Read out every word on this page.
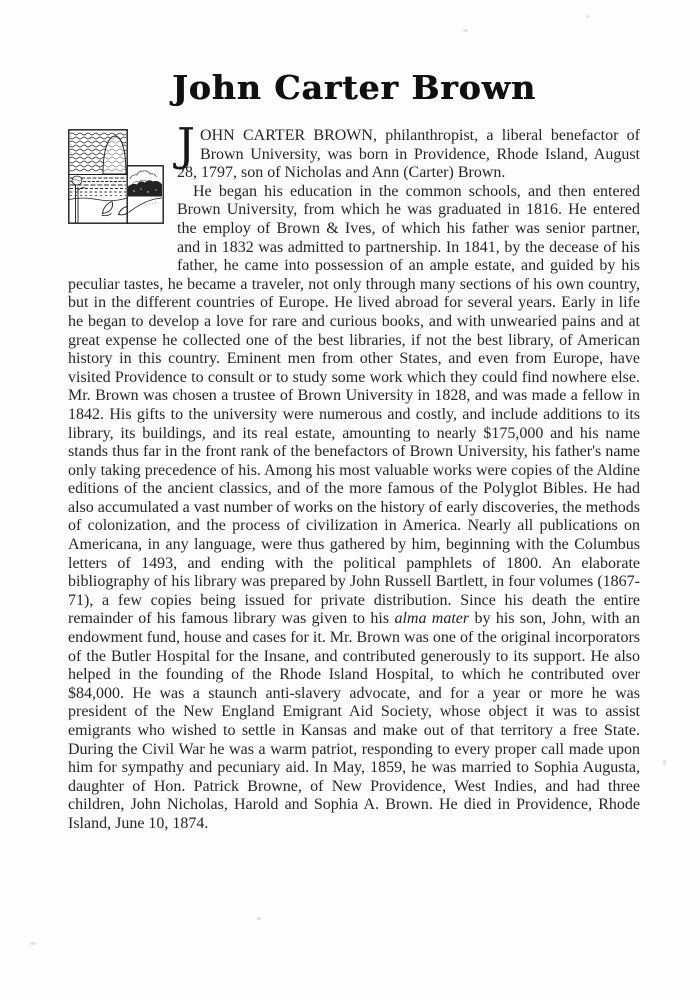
John Carter Brown

JOHN CARTER BROWN, philanthropist, a liberal benefactor of Brown University, was born in Providence, Rhode Island, August 28, 1797, son of Nicholas and Ann (Carter) Brown.

He began his education in the common schools, and then entered Brown University, from which he was graduated in 1816. He entered the employ of Brown & Ives, of which his father was senior partner, and in 1832 was admitted to partnership. In 1841, by the decease of his father, he came into possession of an ample estate, and guided by his peculiar tastes, he became a traveler, not only through many sections of his own country, but in the different countries of Europe. He lived abroad for several years. Early in life he began to develop a love for rare and curious books, and with unwearied pains and at great expense he collected one of the best libraries, if not the best library, of American history in this country. Eminent men from other States, and even from Europe, have visited Providence to consult or to study some work which they could find nowhere else. Mr. Brown was chosen a trustee of Brown University in 1828, and was made a fellow in 1842. His gifts to the university were numerous and costly, and include additions to its library, its buildings, and its real estate, amounting to nearly $175,000 and his name stands thus far in the front rank of the benefactors of Brown University, his father's name only taking precedence of his. Among his most valuable works were copies of the Aldine editions of the ancient classics, and of the more famous of the Polyglot Bibles. He had also accumulated a vast number of works on the history of early discoveries, the methods of colonization, and the process of civilization in America. Nearly all publications on Americana, in any language, were thus gathered by him, beginning with the Columbus letters of 1493, and ending with the political pamphlets of 1800. An elaborate bibliography of his library was prepared by John Russell Bartlett, in four volumes (1867-71), a few copies being issued for private distribution. Since his death the entire remainder of his famous library was given to his alma mater by his son, John, with an endowment fund, house and cases for it. Mr. Brown was one of the original incorporators of the Butler Hospital for the Insane, and contributed generously to its support. He also helped in the founding of the Rhode Island Hospital, to which he contributed over $84,000. He was a staunch anti-slavery advocate, and for a year or more he was president of the New England Emigrant Aid Society, whose object it was to assist emigrants who wished to settle in Kansas and make out of that territory a free State. During the Civil War he was a warm patriot, responding to every proper call made upon him for sympathy and pecuniary aid. In May, 1859, he was married to Sophia Augusta, daughter of Hon. Patrick Browne, of New Providence, West Indies, and had three children, John Nicholas, Harold and Sophia A. Brown. He died in Providence, Rhode Island, June 10, 1874.
